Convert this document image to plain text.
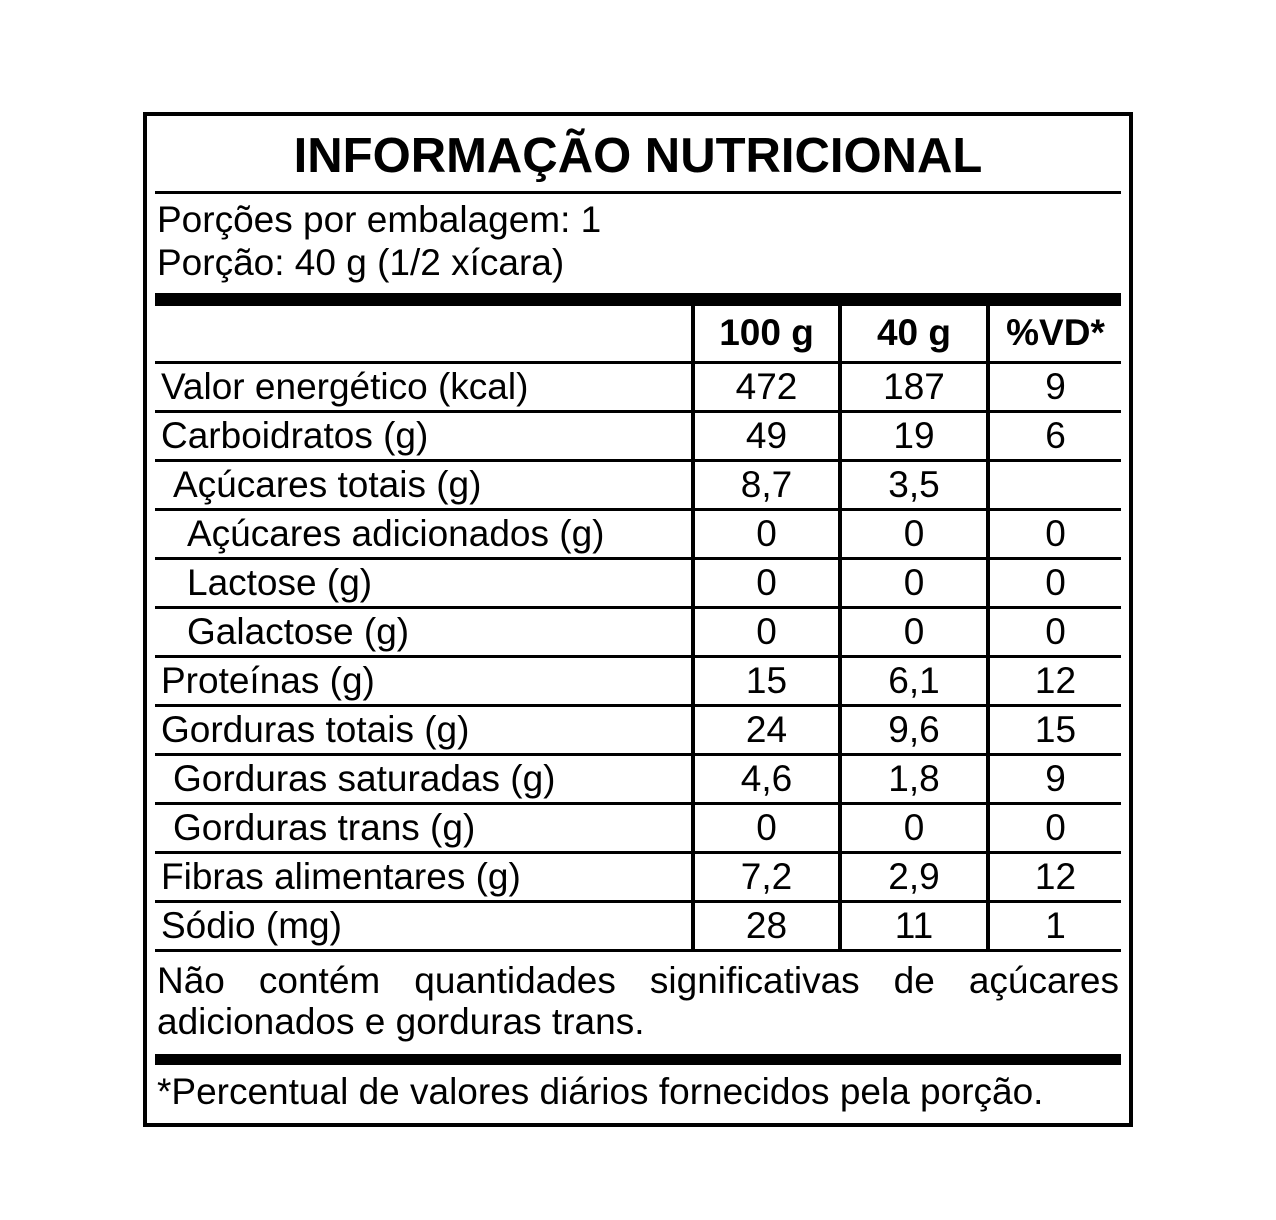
INFORMAÇÃO NUTRICIONAL
Porções por embalagem: 1
Porção: 40 g (1/2 xícara)
	100 g	40 g	%VD*
Valor energético (kcal)	472	187	9
Carboidratos (g)	49	19	6
Açúcares totais (g)	8,7	3,5	
Açúcares adicionados (g)	0	0	0
Lactose (g)	0	0	0
Galactose (g)	0	0	0
Proteínas (g)	15	6,1	12
Gorduras totais (g)	24	9,6	15
Gorduras saturadas (g)	4,6	1,8	9
Gorduras trans (g)	0	0	0
Fibras alimentares (g)	7,2	2,9	12
Sódio (mg)	28	11	1
Não contém quantidades significativas de açúcares adicionados e gorduras trans.
*Percentual de valores diários fornecidos pela porção.
